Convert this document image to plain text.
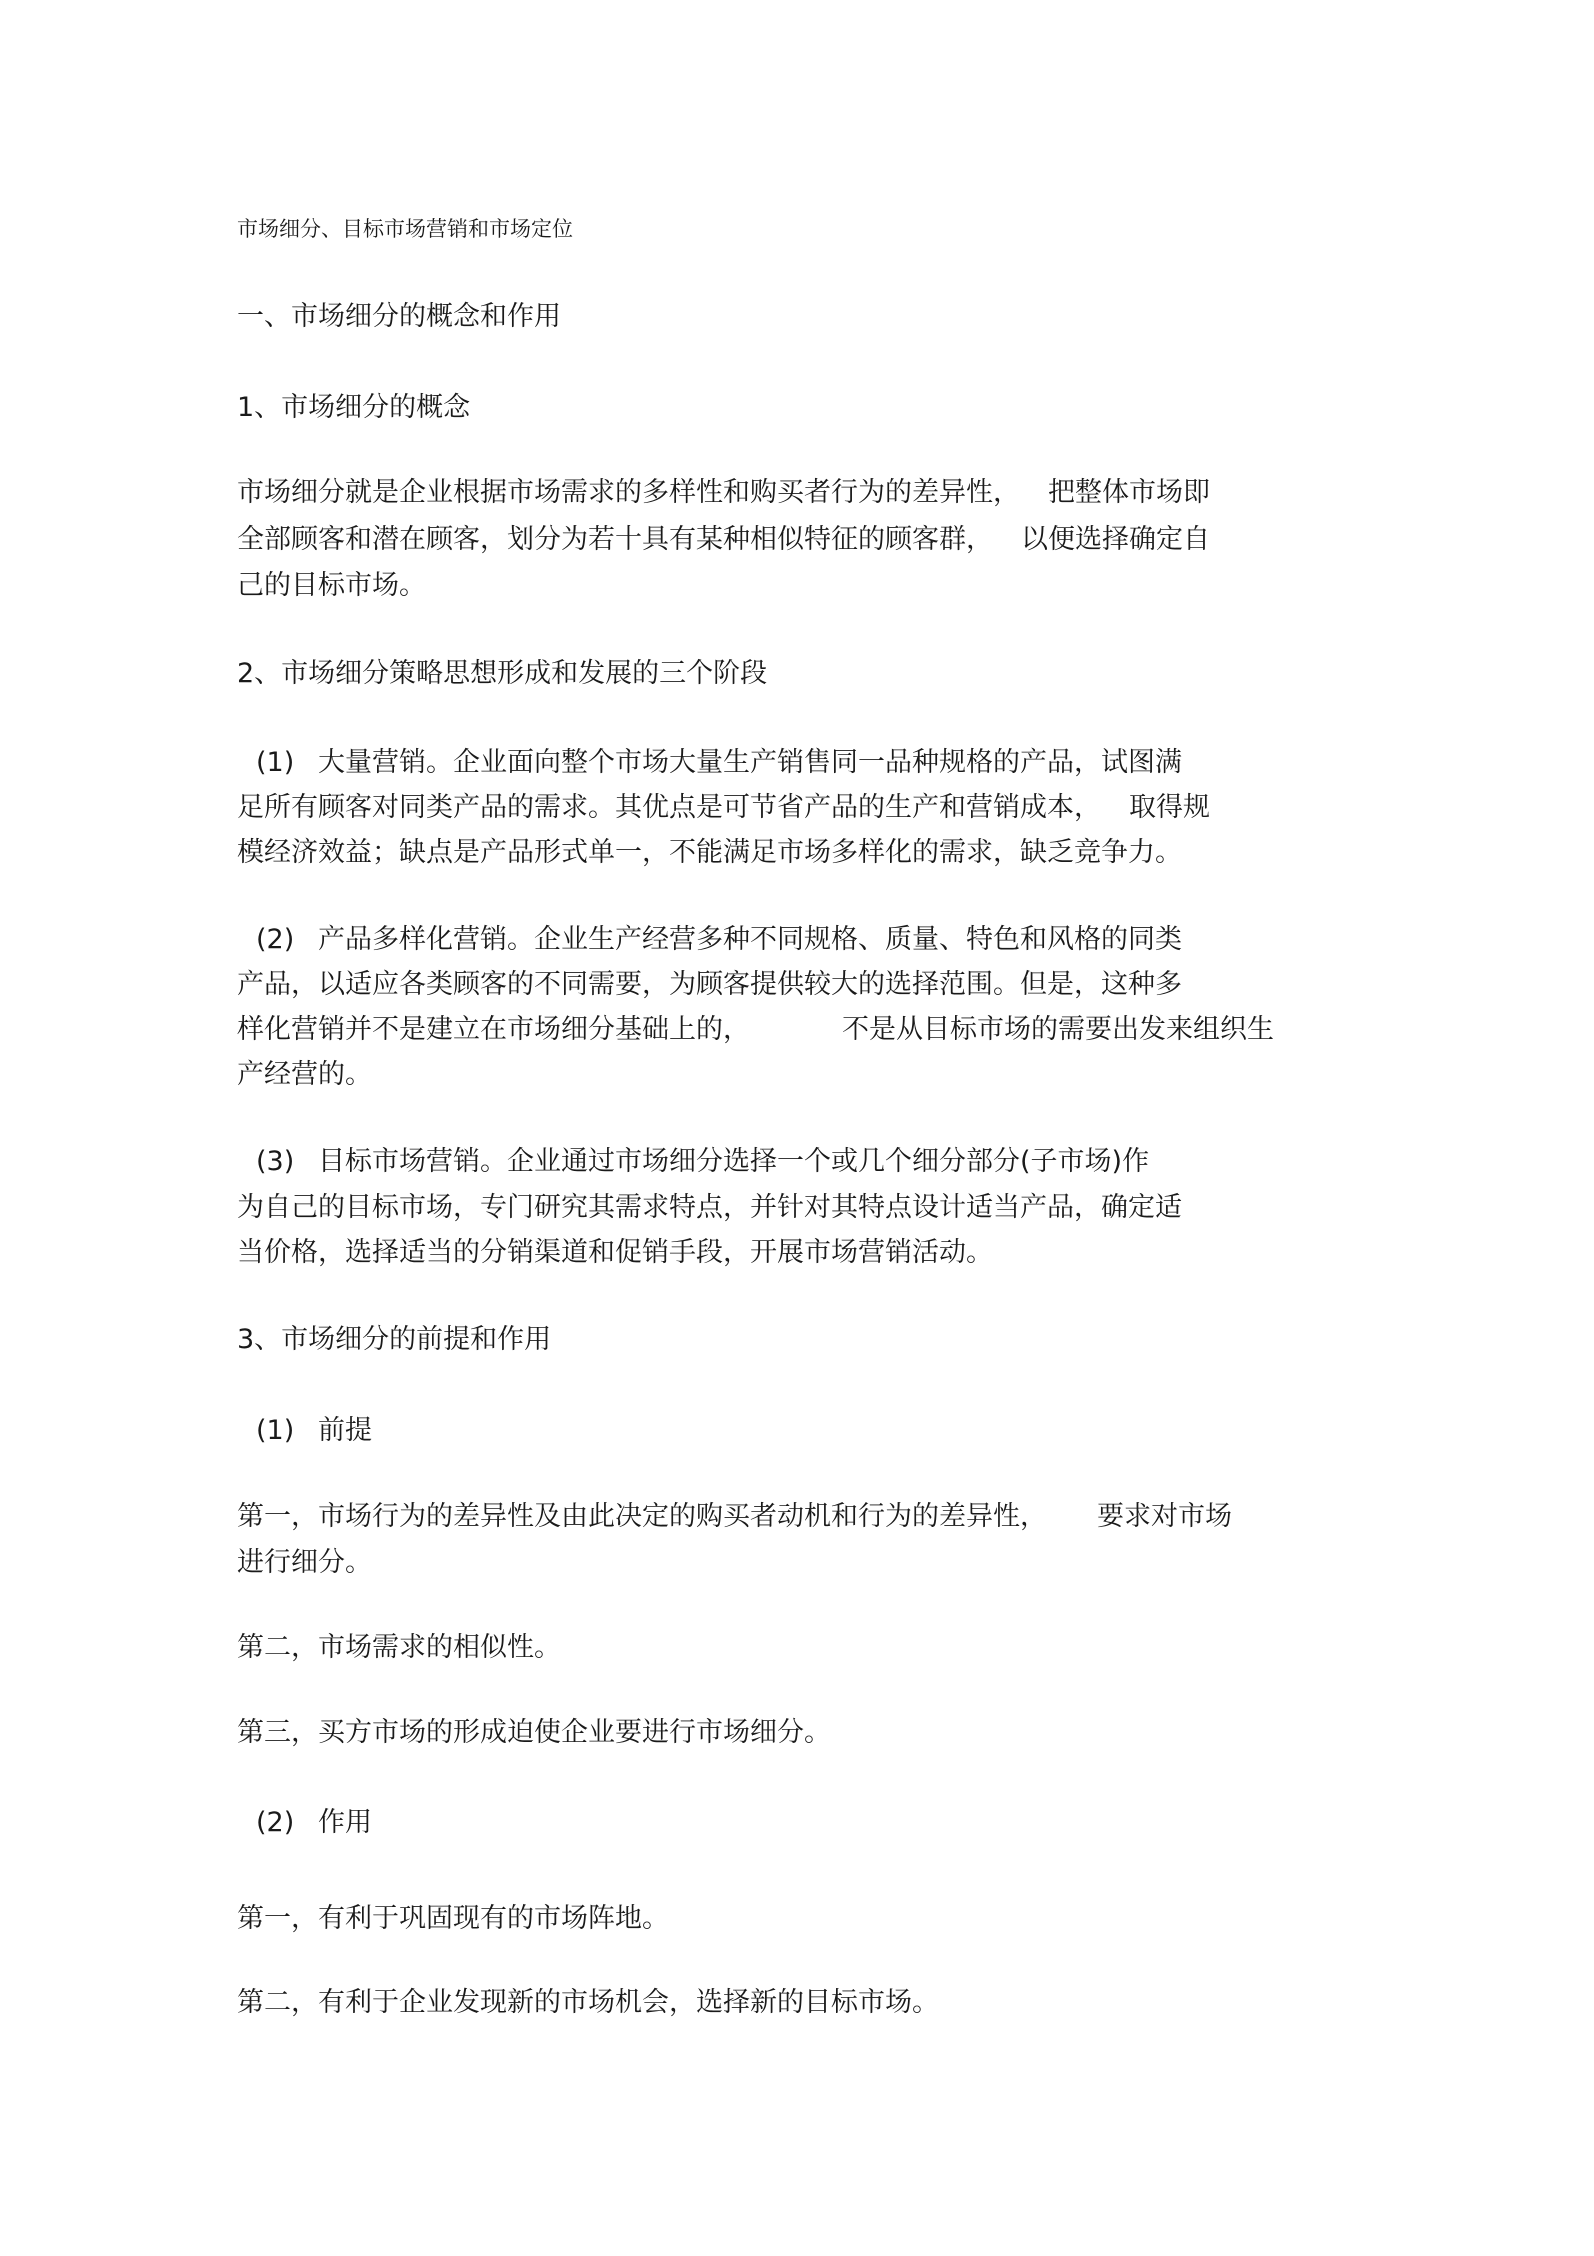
市场细分、目标市场营销和市场定位

一、市场细分的概念和作用

1、市场细分的概念

市场细分就是企业根据市场需求的多样性和购买者行为的差异性， 把整体市场即

全部顾客和潜在顾客，划分为若十具有某种相似特征的顾客群， 以便选择确定自

己的目标市场。

2、市场细分策略思想形成和发展的三个阶段

(1) 大量营销。企业面向整个市场大量生产销售同一品种规格的产品，试图满

足所有顾客对同类产品的需求。其优点是可节省产品的生产和营销成本， 取得规

模经济效益；缺点是产品形式单一，不能满足市场多样化的需求，缺乏竞争力。

(2) 产品多样化营销。企业生产经营多种不同规格、质量、特色和风格的同类

产品，以适应各类顾客的不同需要，为顾客提供较大的选择范围。但是，这种多

样化营销并不是建立在市场细分基础上的，	不是从目标市场的需要出发来组织生

产经营的。

(3) 目标市场营销。企业通过市场细分选择一个或几个细分部分(子市场)作

为自己的目标市场，专门研究其需求特点，并针对其特点设计适当产品，确定适

当价格，选择适当的分销渠道和促销手段，开展市场营销活动。

3、市场细分的前提和作用

(1) 前提

第一，市场行为的差异性及由此决定的购买者动机和行为的差异性， 要求对市场

进行细分。

第二，市场需求的相似性。

第三，买方市场的形成迫使企业要进行市场细分。

(2) 作用

第一，有利于巩固现有的市场阵地。

第二，有利于企业发现新的市场机会，选择新的目标市场。
